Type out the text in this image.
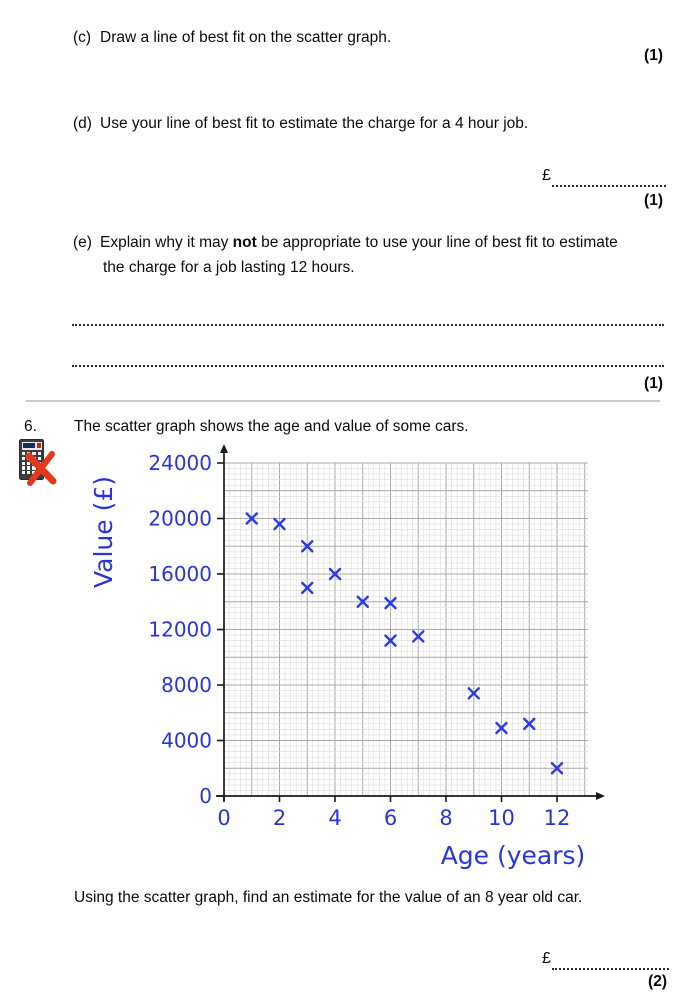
(c) Draw a line of best fit on the scatter graph.
(1)
(d) Use your line of best fit to estimate the charge for a 4 hour job.
£
(1)
(e) Explain why it may not be appropriate to use your line of best fit to estimate
the charge for a job lasting 12 hours.
(1)
6. The scatter graph shows the age and value of some cars.
0
4000
8000
12000
16000
20000
24000
0 2 4 6 8 10 12
Value (£)
Age (years)
Using the scatter graph, find an estimate for the value of an 8 year old car.
£
(2)
